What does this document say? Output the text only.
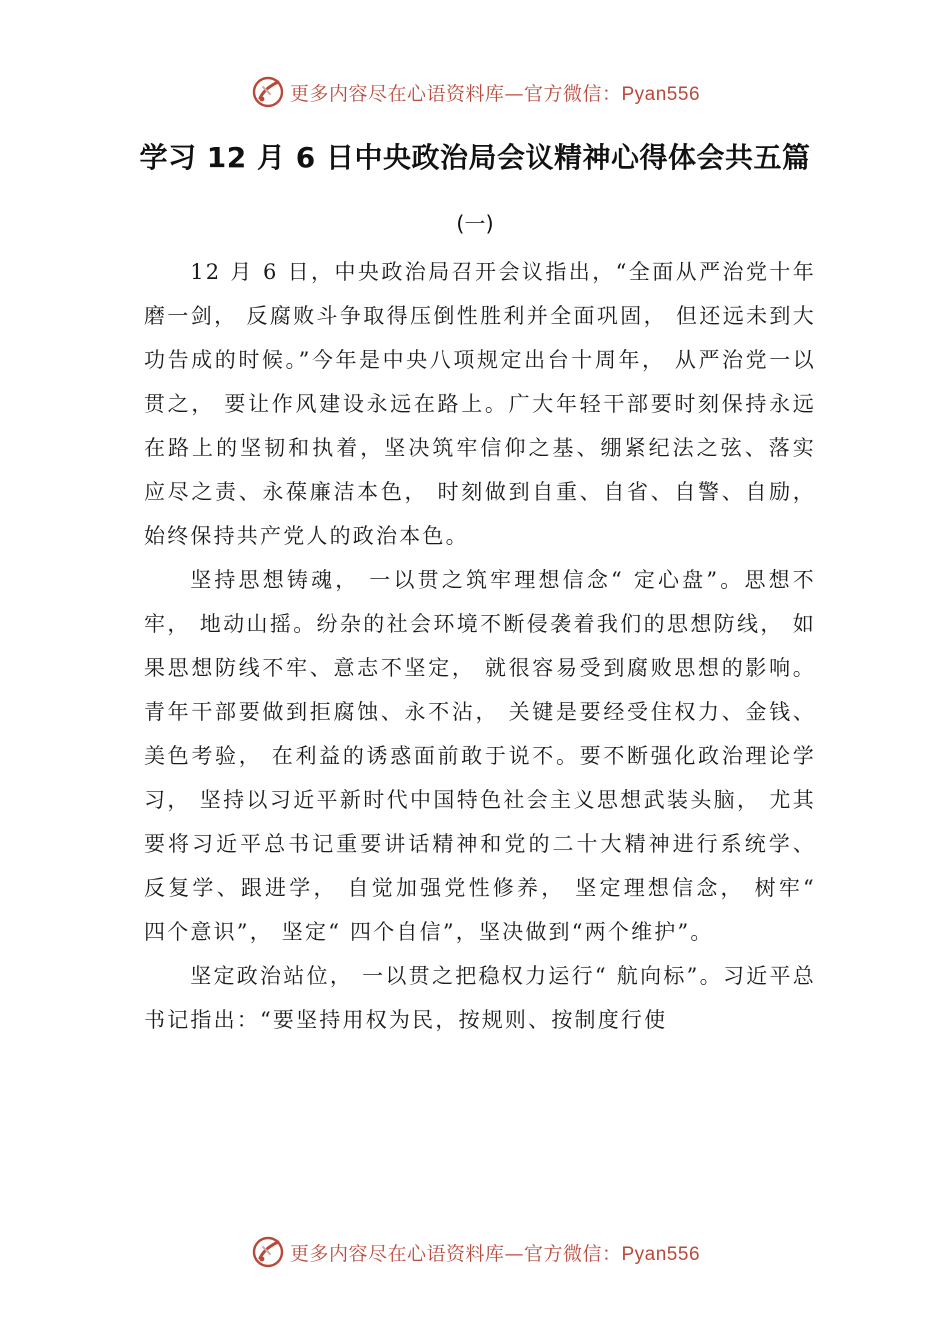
更多内容尽在心语资料库—官方微信：Pyan556
学习 12 月 6 日中央政治局会议精神心得体会共五篇
(一)

12 月 6 日，中央政治局召开会议指出，“全面从严治党十年磨一剑， 反腐败斗争取得压倒性胜利并全面巩固， 但还远未到大功告成的时候。”今年是中央八项规定出台十周年， 从严治党一以贯之， 要让作风建设永远在路上。广大年轻干部要时刻保持永远在路上的坚韧和执着，坚决筑牢信仰之基、绷紧纪法之弦、落实应尽之责、永葆廉洁本色， 时刻做到自重、自省、自警、自励，始终保持共产党人的政治本色。

坚持思想铸魂， 一以贯之筑牢理想信念“ 定心盘”。思想不牢， 地动山摇。纷杂的社会环境不断侵袭着我们的思想防线， 如果思想防线不牢、意志不坚定， 就很容易受到腐败思想的影响。青年干部要做到拒腐蚀、永不沾， 关键是要经受住权力、金钱、美色考验， 在利益的诱惑面前敢于说不。要不断强化政治理论学习， 坚持以习近平新时代中国特色社会主义思想武装头脑， 尤其要将习近平总书记重要讲话精神和党的二十大精神进行系统学、反复学、跟进学， 自觉加强党性修养， 坚定理想信念， 树牢“ 四个意识”， 坚定“ 四个自信”，坚决做到“两个维护”。

坚定政治站位， 一以贯之把稳权力运行“ 航向标”。习近平总书记指出：“要坚持用权为民，按规则、按制度行使

更多内容尽在心语资料库—官方微信：Pyan556
